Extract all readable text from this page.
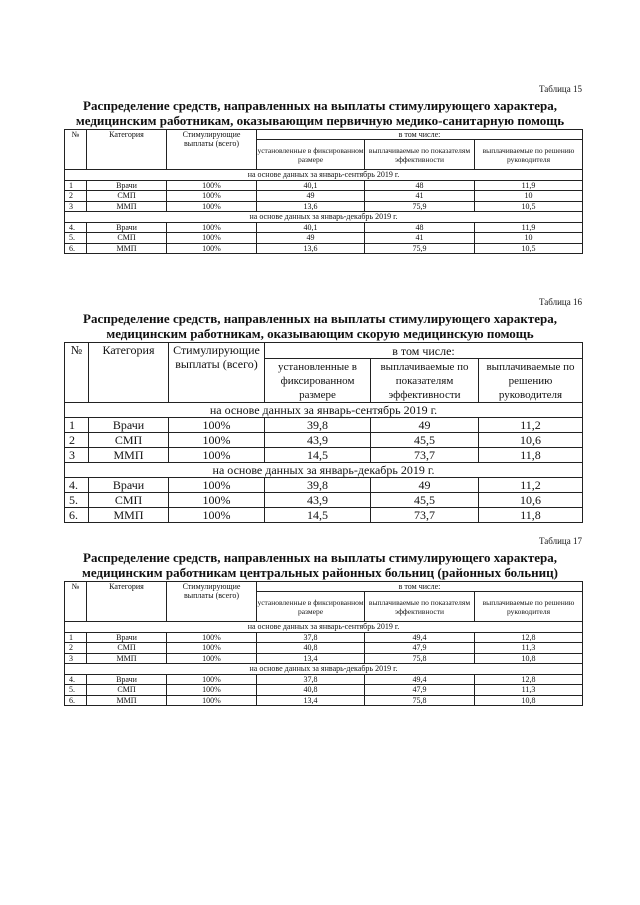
Таблица 15
Распределение средств, направленных на выплаты стимулирующего характера, медицинским работникам, оказывающим первичную медико-санитарную помощь
№	Категория	Стимулирующие выплаты (всего)	в том числе:		
			установленные в фиксированном размере	выплачиваемые по показателям эффективности	выплачиваемые по решению руководителя
на основе данных за январь-сентябрь 2019 г.					
1	Врачи	100%	40,1	48	11,9
2	СМП	100%	49	41	10
3	ММП	100%	13,6	75,9	10,5
на основе данных за январь-декабрь 2019 г.					
4.	Врачи	100%	40,1	48	11,9
5.	СМП	100%	49	41	10
6.	ММП	100%	13,6	75,9	10,5
Таблица 16
Распределение средств, направленных на выплаты стимулирующего характера, медицинским работникам, оказывающим скорую медицинскую помощь
№	Категория	Стимулирующие выплаты (всего)	в том числе:		
			установленные в фиксированном размере	выплачиваемые по показателям эффективности	выплачиваемые по решению руководителя
на основе данных за январь-сентябрь 2019 г.					
1	Врачи	100%	39,8	49	11,2
2	СМП	100%	43,9	45,5	10,6
3	ММП	100%	14,5	73,7	11,8
на основе данных за январь-декабрь 2019 г.					
4.	Врачи	100%	39,8	49	11,2
5.	СМП	100%	43,9	45,5	10,6
6.	ММП	100%	14,5	73,7	11,8
Таблица 17
Распределение средств, направленных на выплаты стимулирующего характера, медицинским работникам центральных районных больниц (районных больниц)
№	Категория	Стимулирующие выплаты (всего)	в том числе:		
			установленные в фиксированном размере	выплачиваемые по показателям эффективности	выплачиваемые по решению руководителя
на основе данных за январь-сентябрь 2019 г.					
1	Врачи	100%	37,8	49,4	12,8
2	СМП	100%	40,8	47,9	11,3
3	ММП	100%	13,4	75,8	10,8
на основе данных за январь-декабрь 2019 г.					
4.	Врачи	100%	37,8	49,4	12,8
5.	СМП	100%	40,8	47,9	11,3
6.	ММП	100%	13,4	75,8	10,8
